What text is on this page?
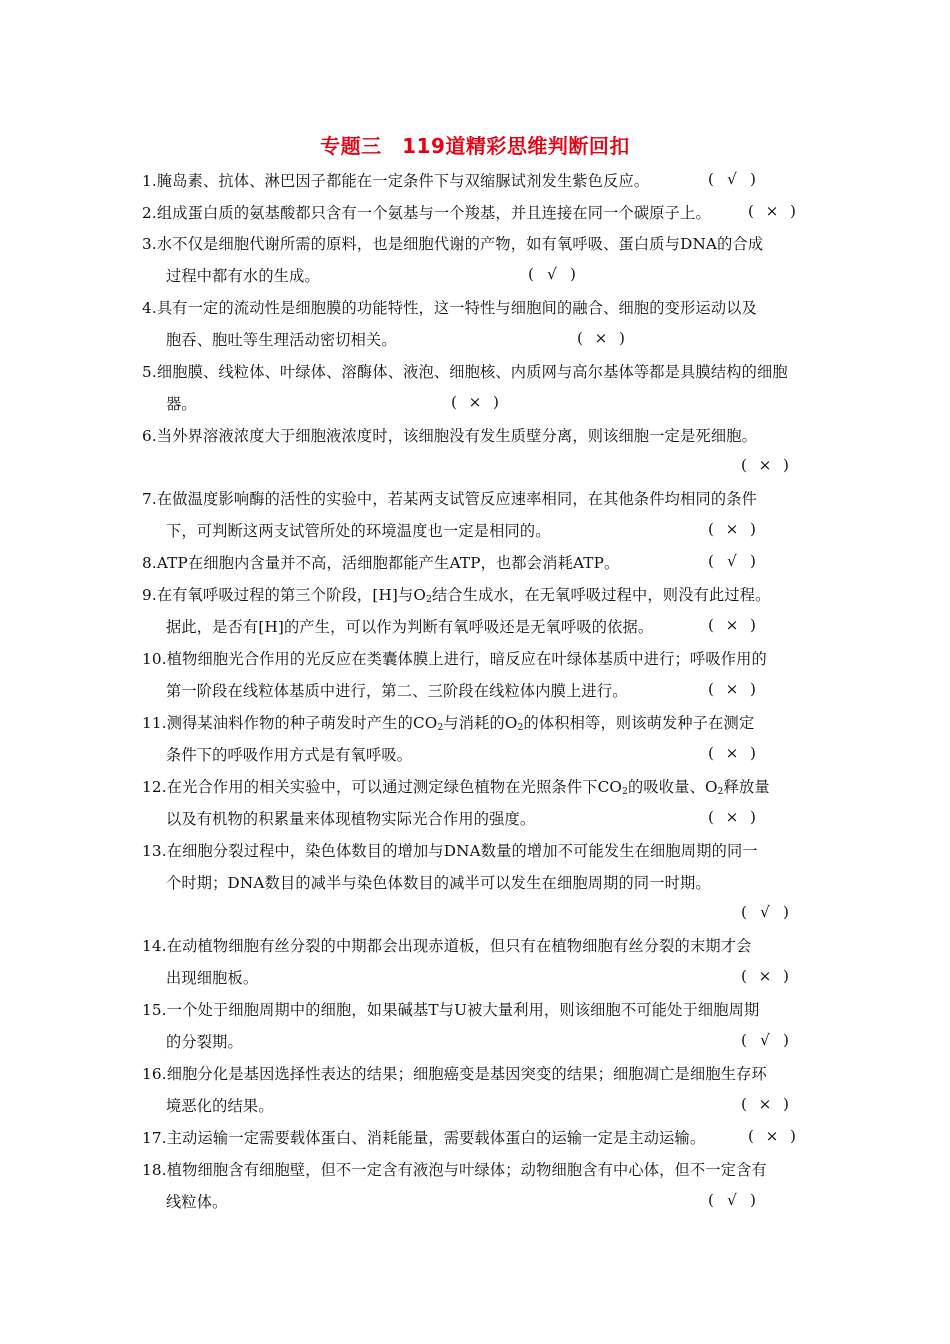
专题三　119道精彩思维判断回扣
1.腌岛素、抗体、淋巴因子都能在一定条件下与双缩脲试剂发生紫色反应。	( √ )
2.组成蛋白质的氨基酸都只含有一个氨基与一个羧基，并且连接在同一个碳原子上。 ( × )
3.水不仅是细胞代谢所需的原料，也是细胞代谢的产物，如有氧呼吸、蛋白质与DNA的合成
过程中都有水的生成。	( √ )
4.具有一定的流动性是细胞膜的功能特性，这一特性与细胞间的融合、细胞的变形运动以及
胞吞、胞吐等生理活动密切相关。	( × )
5.细胞膜、线粒体、叶绿体、溶酶体、液泡、细胞核、内质网与高尔基体等都是具膜结构的细胞
器。	( × )
6.当外界溶液浓度大于细胞液浓度时，该细胞没有发生质壁分离，则该细胞一定是死细胞。
( × )
7.在做温度影响酶的活性的实验中，若某两支试管反应速率相同，在其他条件均相同的条件
下，可判断这两支试管所处的环境温度也一定是相同的。	( × )
8.ATP在细胞内含量并不高，活细胞都能产生ATP，也都会消耗ATP。	( √ )
9.在有氧呼吸过程的第三个阶段，[H]与$O_2$结合生成水，在无氧呼吸过程中，则没有此过程。
据此，是否有[H]的产生，可以作为判断有氧呼吸还是无氧呼吸的依据。	( × )
10.植物细胞光合作用的光反应在类囊体膜上进行，暗反应在叶绿体基质中进行；呼吸作用的
第一阶段在线粒体基质中进行，第二、三阶段在线粒体内膜上进行。	( × )
11.测得某油料作物的种子萌发时产生的$CO_2$与消耗的$O_2$的体积相等，则该萌发种子在测定
条件下的呼吸作用方式是有氧呼吸。	( × )
12.在光合作用的相关实验中，可以通过测定绿色植物在光照条件下$CO_2$的吸收量、$O_2$释放量
以及有机物的积累量来体现植物实际光合作用的强度。	( × )
13.在细胞分裂过程中，染色体数目的增加与DNA数量的增加不可能发生在细胞周期的同一
个时期；DNA数目的减半与染色体数目的减半可以发生在细胞周期的同一时期。
( √ )
14.在动植物细胞有丝分裂的中期都会出现赤道板，但只有在植物细胞有丝分裂的末期才会
出现细胞板。	( × )
15.一个处于细胞周期中的细胞，如果碱基T与U被大量利用，则该细胞不可能处于细胞周期
的分裂期。	( √ )
16.细胞分化是基因选择性表达的结果；细胞癌变是基因突变的结果；细胞凋亡是细胞生存环
境恶化的结果。	( × )
17.主动运输一定需要载体蛋白、消耗能量，需要载体蛋白的运输一定是主动运输。	( × )
18.植物细胞含有细胞壁，但不一定含有液泡与叶绿体；动物细胞含有中心体，但不一定含有
线粒体。	( √ )
